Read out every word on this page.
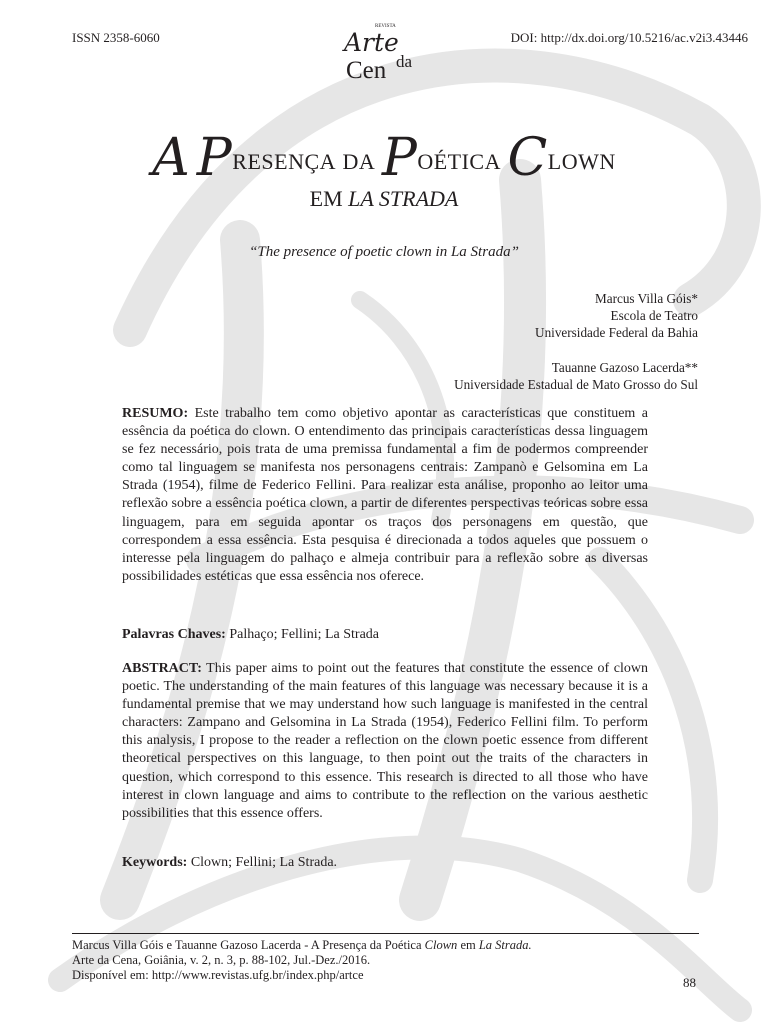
ISSN 2358-6060	DOI: http://dx.doi.org/10.5216/ac.v2i3.43446
REVISTA
Arte
Cen da
A PRESENÇA DA POÉTICA CLOWN
EM LA STRADA
“The presence of poetic clown in La Strada”
Marcus Villa Góis*
Escola de Teatro
Universidade Federal da Bahia
Tauanne Gazoso Lacerda**
Universidade Estadual de Mato Grosso do Sul
RESUMO: Este trabalho tem como objetivo apontar as características que constituem a essência da poética do clown. O entendimento das principais características dessa linguagem se fez necessário, pois trata de uma premissa fundamental a fim de podermos compreender como tal linguagem se manifesta nos personagens centrais: Zampanò e Gelsomina em La Strada (1954), filme de Federico Fellini. Para realizar esta análise, proponho ao leitor uma reflexão sobre a essência poética clown, a partir de diferentes perspectivas teóricas sobre essa linguagem, para em seguida apontar os traços dos personagens em questão, que correspondem a essa essência. Esta pesquisa é direcionada a todos aqueles que possuem o interesse pela linguagem do palhaço e almeja contribuir para a reflexão sobre as diversas possibilidades estéticas que essa essência nos oferece.
Palavras Chaves: Palhaço; Fellini; La Strada
ABSTRACT: This paper aims to point out the features that constitute the essence of clown poetic. The understanding of the main features of this language was necessary because it is a fundamental premise that we may understand how such language is manifested in the central characters: Zampano and Gelsomina in La Strada (1954), Federico Fellini film. To perform this analysis, I propose to the reader a reflection on the clown poetic essence from different theoretical perspectives on this language, to then point out the traits of the characters in question, which correspond to this essence. This research is directed to all those who have interest in clown language and aims to contribute to the reflection on the various aesthetic possibilities that this essence offers.
Keywords: Clown; Fellini; La Strada.
Marcus Villa Góis e Tauanne Gazoso Lacerda - A Presença da Poética Clown em La Strada.
Arte da Cena, Goiânia, v. 2, n. 3, p. 88-102, Jul.-Dez./2016.
Disponível em: http://www.revistas.ufg.br/index.php/artce	88
